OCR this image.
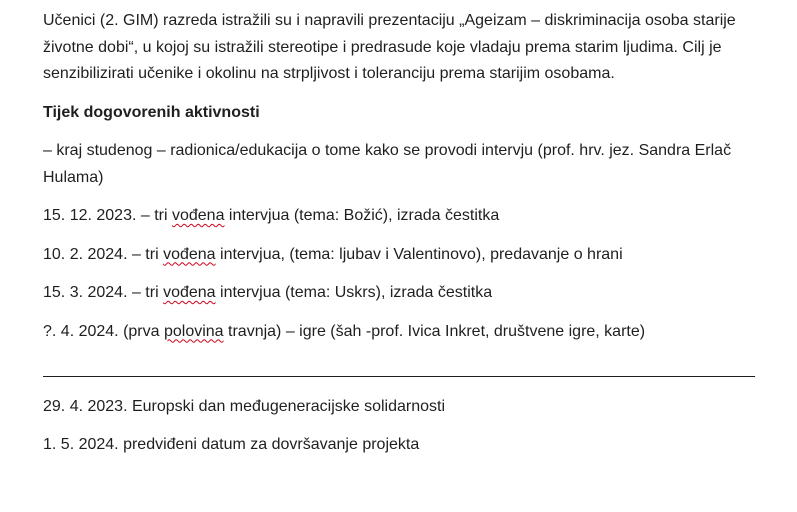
Učenici (2. GIM) razreda istražili su i napravili prezentaciju „Ageizam – diskriminacija osoba starije životne dobi“, u kojoj su istražili stereotipe i predrasude koje vladaju prema starim ljudima. Cilj je senzibilizirati učenike i okolinu na strpljivost i toleranciju prema starijim osobama.

Tijek dogovorenih aktivnosti

– kraj studenog – radionica/edukacija o tome kako se provodi intervju (prof. hrv. jez. Sandra Erlač Hulama)

15. 12. 2023. – tri vođena intervjua (tema: Božić), izrada čestitka

10. 2. 2024. – tri vođena intervjua, (tema: ljubav i Valentinovo), predavanje o hrani

15. 3. 2024. – tri vođena intervjua (tema: Uskrs), izrada čestitka

?. 4. 2024. (prva polovina travnja) – igre (šah -prof. Ivica Inkret, društvene igre, karte)

________________________________________________________________________________

29. 4. 2023. Europski dan međugeneracijske solidarnosti

1. 5. 2024. predviđeni datum za dovršavanje projekta
